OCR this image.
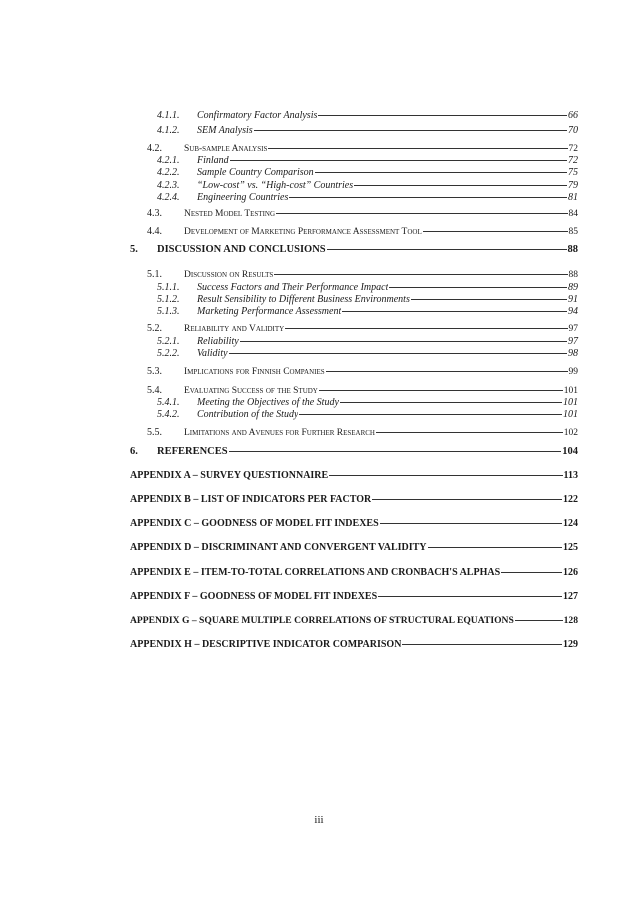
4.1.1.	Confirmatory Factor Analysis	66
4.1.2.	SEM Analysis	70
4.2.	Sub-sample Analysis	72
4.2.1.	Finland	72
4.2.2.	Sample Country Comparison	75
4.2.3.	“Low-cost” vs. “High-cost” Countries	79
4.2.4.	Engineering Countries	81
4.3.	Nested Model Testing	84
4.4.	Development of Marketing Performance Assessment Tool	85
5.	DISCUSSION AND CONCLUSIONS	88
5.1.	Discussion on Results	88
5.1.1.	Success Factors and Their Performance Impact	89
5.1.2.	Result Sensibility to Different Business Environments	91
5.1.3.	Marketing Performance Assessment	94
5.2.	Reliability and Validity	97
5.2.1.	Reliability	97
5.2.2.	Validity	98
5.3.	Implications for Finnish Companies	99
5.4.	Evaluating Success of the Study	101
5.4.1.	Meeting the Objectives of the Study	101
5.4.2.	Contribution of the Study	101
5.5.	Limitations and Avenues for Further Research	102
6.	REFERENCES	104
APPENDIX A – SURVEY QUESTIONNAIRE	113
APPENDIX B – LIST OF INDICATORS PER FACTOR	122
APPENDIX C – GOODNESS OF MODEL FIT INDEXES	124
APPENDIX D – DISCRIMINANT AND CONVERGENT VALIDITY	125
APPENDIX E – ITEM-TO-TOTAL CORRELATIONS AND CRONBACH'S ALPHAS	126
APPENDIX F – GOODNESS OF MODEL FIT INDEXES	127
APPENDIX G – SQUARE MULTIPLE CORRELATIONS OF STRUCTURAL EQUATIONS	128
APPENDIX H – DESCRIPTIVE INDICATOR COMPARISON	129
iii
